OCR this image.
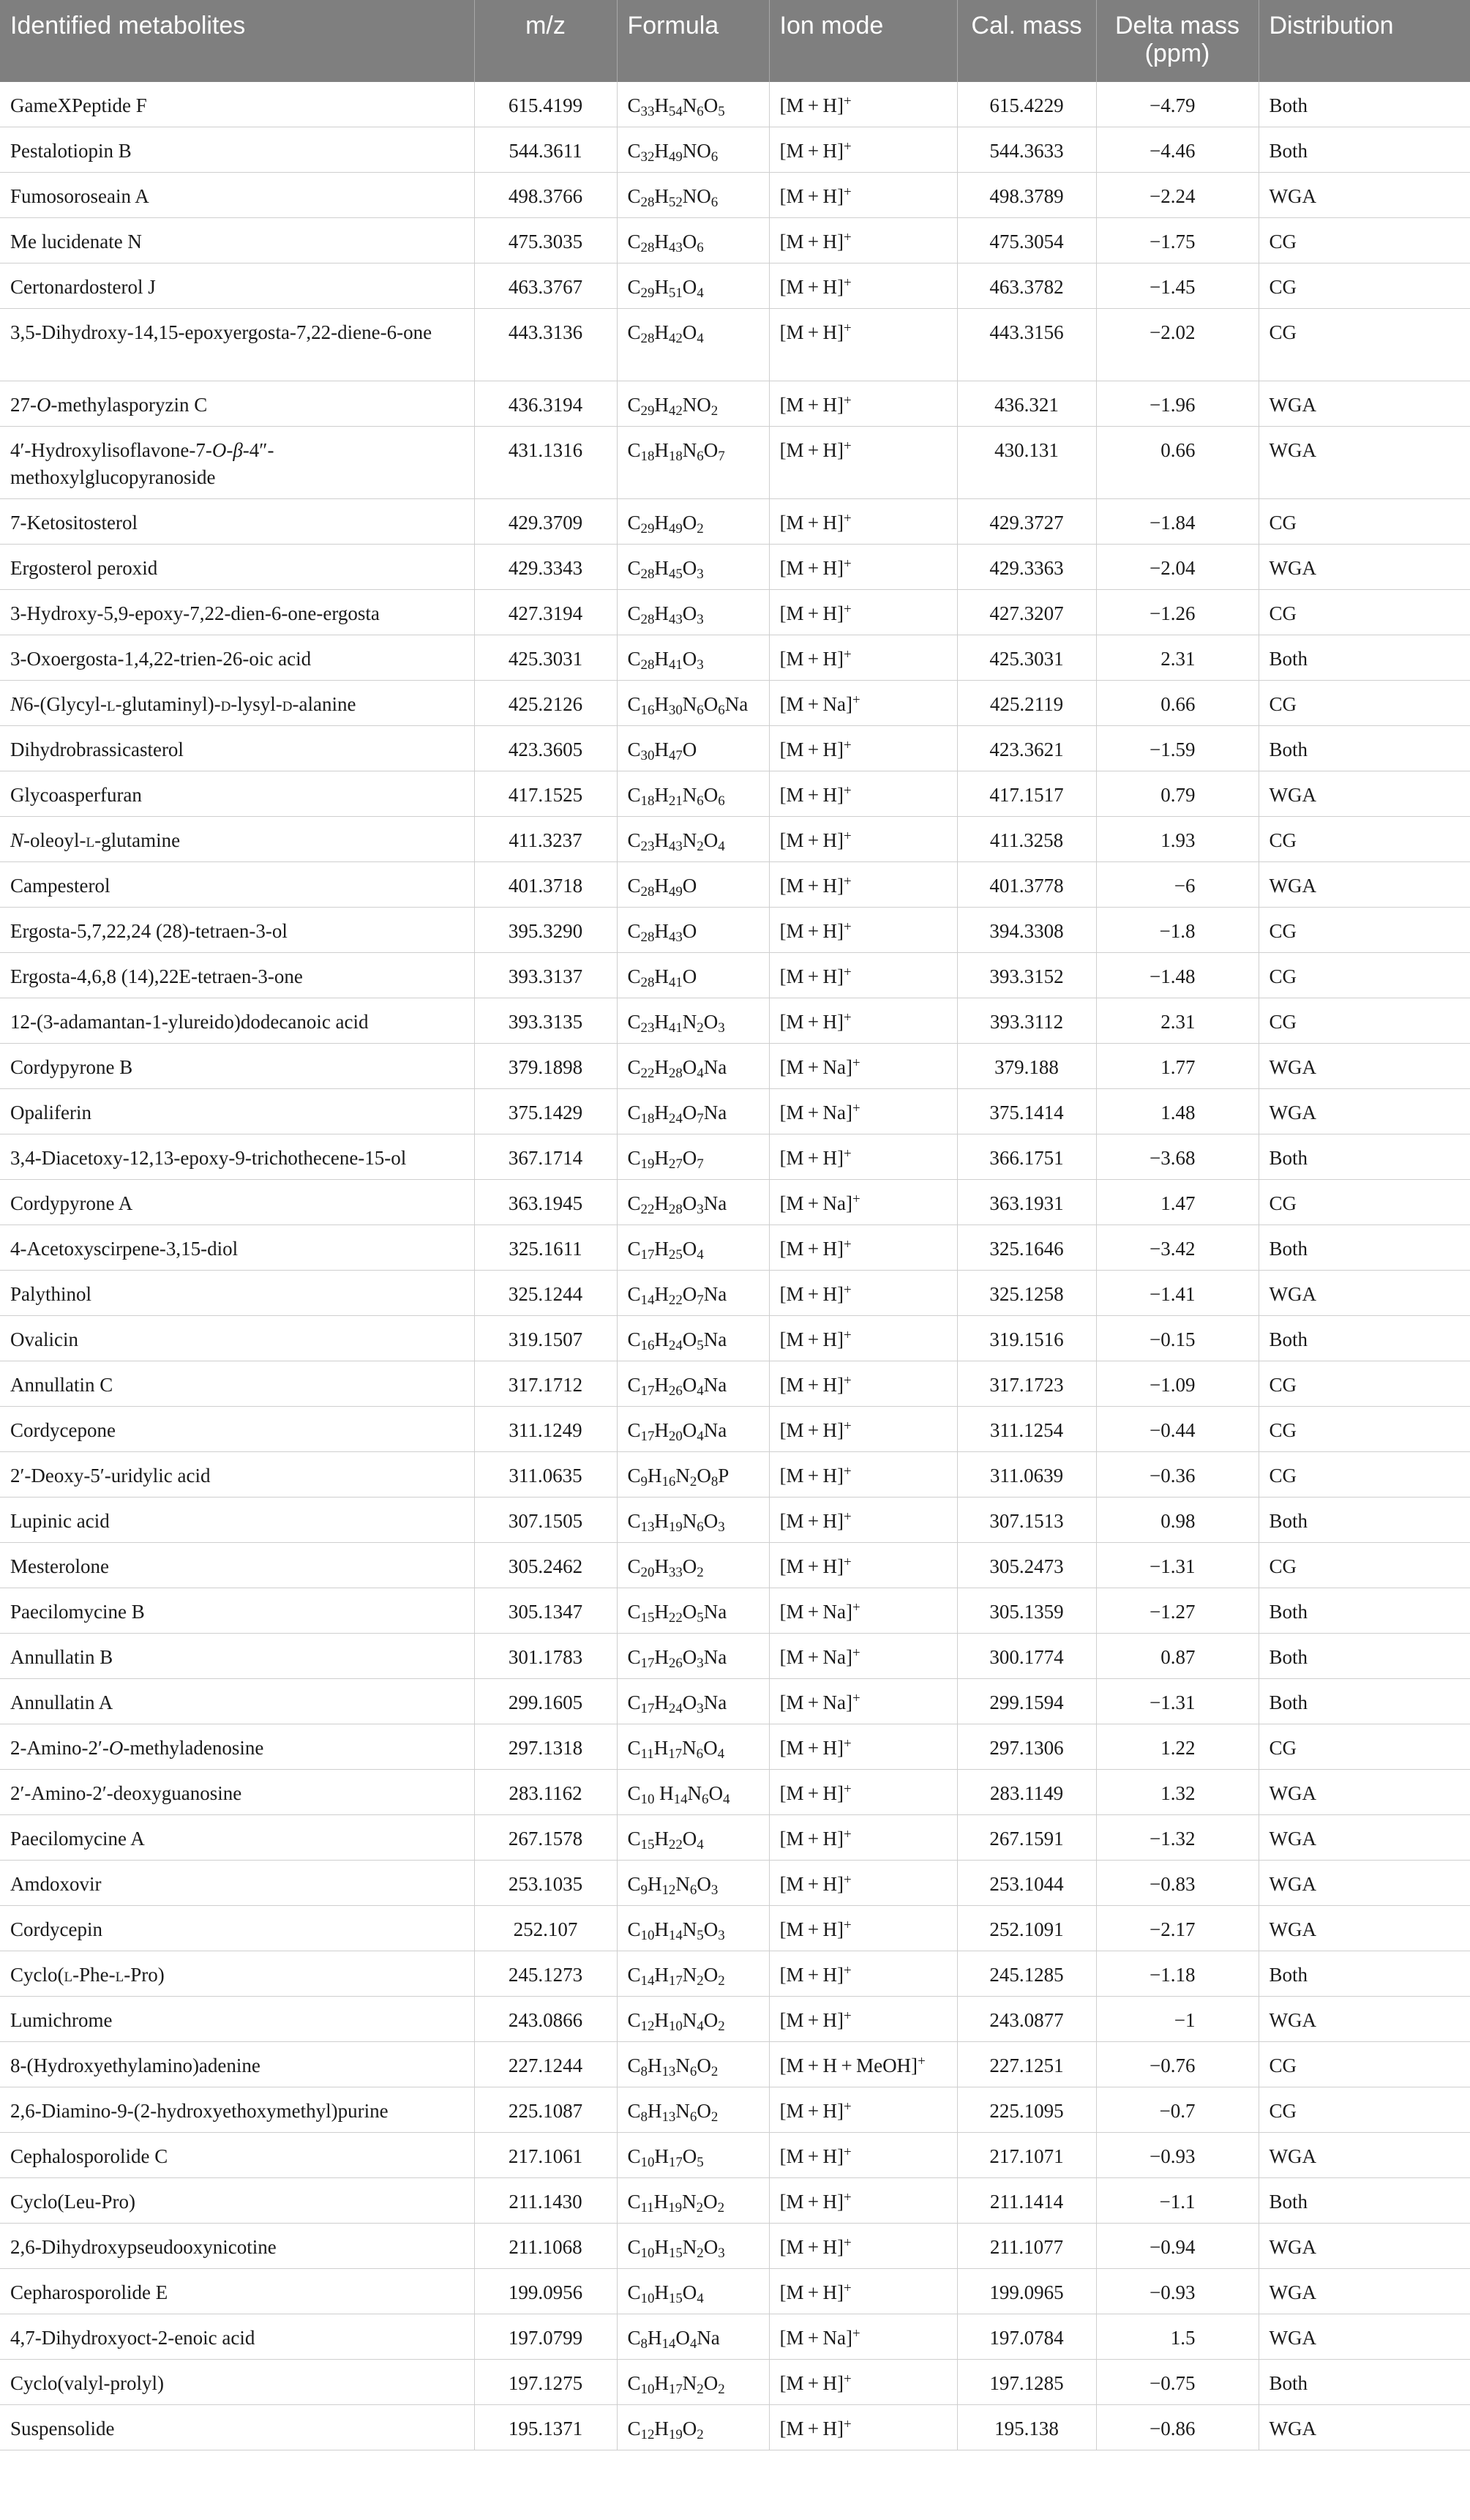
Identified metabolites	m/z	Formula	Ion mode	Cal. mass	Delta mass (ppm)	Distribution
GameXPeptide F	615.4199	$C_{33}H_{54}N_6O_5$	[M + H]+	615.4229	−4.79	Both
Pestalotiopin B	544.3611	$C_{32}H_{49}NO_6$	[M + H]+	544.3633	−4.46	Both
Fumosoroseain A	498.3766	$C_{28}H_{52}NO_6$	[M + H]+	498.3789	−2.24	WGA
Me lucidenate N	475.3035	$C_{28}H_{43}O_6$	[M + H]+	475.3054	−1.75	CG
Certonardosterol J	463.3767	$C_{29}H_{51}O_4$	[M + H]+	463.3782	−1.45	CG
3,5-Dihydroxy-14,15-epoxyergosta-7,22-diene-6-one	443.3136	$C_{28}H_{42}O_4$	[M + H]+	443.3156	−2.02	CG
27-O-methylasporyzin C	436.3194	$C_{29}H_{42}NO_2$	[M + H]+	436.321	−1.96	WGA
4′-Hydroxylisoflavone-7-O-β-4″-methoxylglucopyranoside	431.1316	$C_{18}H_{18}N_6O_7$	[M + H]+	430.131	0.66	WGA
7-Ketositosterol	429.3709	$C_{29}H_{49}O_2$	[M + H]+	429.3727	−1.84	CG
Ergosterol peroxid	429.3343	$C_{28}H_{45}O_3$	[M + H]+	429.3363	−2.04	WGA
3-Hydroxy-5,9-epoxy-7,22-dien-6-one-ergosta	427.3194	$C_{28}H_{43}O_3$	[M + H]+	427.3207	−1.26	CG
3-Oxoergosta-1,4,22-trien-26-oic acid	425.3031	$C_{28}H_{41}O_3$	[M + H]+	425.3031	2.31	Both
N6-(Glycyl-l-glutaminyl)-d-lysyl-d-alanine	425.2126	$C_{16}H_{30}N_6O_6Na$	[M + Na]+	425.2119	0.66	CG
Dihydrobrassicasterol	423.3605	$C_{30}H_{47}O$	[M + H]+	423.3621	−1.59	Both
Glycoasperfuran	417.1525	$C_{18}H_{21}N_6O_6$	[M + H]+	417.1517	0.79	WGA
N-oleoyl-l-glutamine	411.3237	$C_{23}H_{43}N_2O_4$	[M + H]+	411.3258	1.93	CG
Campesterol	401.3718	$C_{28}H_{49}O$	[M + H]+	401.3778	−6	WGA
Ergosta-5,7,22,24 (28)-tetraen-3-ol	395.3290	$C_{28}H_{43}O$	[M + H]+	394.3308	−1.8	CG
Ergosta-4,6,8 (14),22E-tetraen-3-one	393.3137	$C_{28}H_{41}O$	[M + H]+	393.3152	−1.48	CG
12-(3-adamantan-1-ylureido)dodecanoic acid	393.3135	$C_{23}H_{41}N_2O_3$	[M + H]+	393.3112	2.31	CG
Cordypyrone B	379.1898	$C_{22}H_{28}O_4Na$	[M + Na]+	379.188	1.77	WGA
Opaliferin	375.1429	$C_{18}H_{24}O_7Na$	[M + Na]+	375.1414	1.48	WGA
3,4-Diacetoxy-12,13-epoxy-9-trichothecene-15-ol	367.1714	$C_{19}H_{27}O_7$	[M + H]+	366.1751	−3.68	Both
Cordypyrone A	363.1945	$C_{22}H_{28}O_3Na$	[M + Na]+	363.1931	1.47	CG
4-Acetoxyscirpene-3,15-diol	325.1611	$C_{17}H_{25}O_4$	[M + H]+	325.1646	−3.42	Both
Palythinol	325.1244	$C_{14}H_{22}O_7Na$	[M + H]+	325.1258	−1.41	WGA
Ovalicin	319.1507	$C_{16}H_{24}O_5Na$	[M + H]+	319.1516	−0.15	Both
Annullatin C	317.1712	$C_{17}H_{26}O_4Na$	[M + H]+	317.1723	−1.09	CG
Cordycepone	311.1249	$C_{17}H_{20}O_4Na$	[M + H]+	311.1254	−0.44	CG
2′-Deoxy-5′-uridylic acid	311.0635	$C_9H_{16}N_2O_8P$	[M + H]+	311.0639	−0.36	CG
Lupinic acid	307.1505	$C_{13}H_{19}N_6O_3$	[M + H]+	307.1513	0.98	Both
Mesterolone	305.2462	$C_{20}H_{33}O_2$	[M + H]+	305.2473	−1.31	CG
Paecilomycine B	305.1347	$C_{15}H_{22}O_5Na$	[M + Na]+	305.1359	−1.27	Both
Annullatin B	301.1783	$C_{17}H_{26}O_3Na$	[M + Na]+	300.1774	0.87	Both
Annullatin A	299.1605	$C_{17}H_{24}O_3Na$	[M + Na]+	299.1594	−1.31	Both
2-Amino-2′-O-methyladenosine	297.1318	$C_{11}H_{17}N_6O_4$	[M + H]+	297.1306	1.22	CG
2′-Amino-2′-deoxyguanosine	283.1162	$C_{10}$ $H_{14}N_6O_4$	[M + H]+	283.1149	1.32	WGA
Paecilomycine A	267.1578	$C_{15}H_{22}O_4$	[M + H]+	267.1591	−1.32	WGA
Amdoxovir	253.1035	$C_9H_{12}N_6O_3$	[M + H]+	253.1044	−0.83	WGA
Cordycepin	252.107	$C_{10}H_{14}N_5O_3$	[M + H]+	252.1091	−2.17	WGA
Cyclo(l-Phe-l-Pro)	245.1273	$C_{14}H_{17}N_2O_2$	[M + H]+	245.1285	−1.18	Both
Lumichrome	243.0866	$C_{12}H_{10}N_4O_2$	[M + H]+	243.0877	−1	WGA
8-(Hydroxyethylamino)adenine	227.1244	$C_8H_{13}N_6O_2$	[M + H + MeOH]+	227.1251	−0.76	CG
2,6-Diamino-9-(2-hydroxyethoxymethyl)purine	225.1087	$C_8H_{13}N_6O_2$	[M + H]+	225.1095	−0.7	CG
Cephalosporolide C	217.1061	$C_{10}H_{17}O_5$	[M + H]+	217.1071	−0.93	WGA
Cyclo(Leu-Pro)	211.1430	$C_{11}H_{19}N_2O_2$	[M + H]+	211.1414	−1.1	Both
2,6-Dihydroxypseudooxynicotine	211.1068	$C_{10}H_{15}N_2O_3$	[M + H]+	211.1077	−0.94	WGA
Cepharosporolide E	199.0956	$C_{10}H_{15}O_4$	[M + H]+	199.0965	−0.93	WGA
4,7-Dihydroxyoct-2-enoic acid	197.0799	$C_8H_{14}O_4Na$	[M + Na]+	197.0784	1.5	WGA
Cyclo(valyl-prolyl)	197.1275	$C_{10}H_{17}N_2O_2$	[M + H]+	197.1285	−0.75	Both
Suspensolide	195.1371	$C_{12}H_{19}O_2$	[M + H]+	195.138	−0.86	WGA
